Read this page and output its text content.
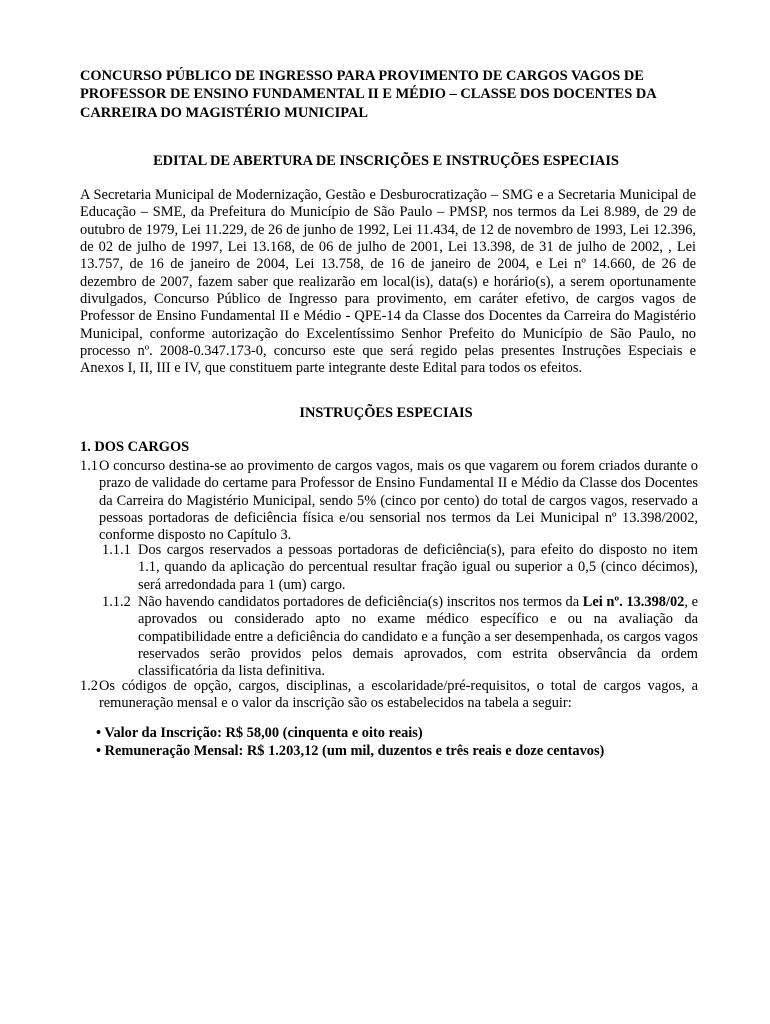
CONCURSO PÚBLICO DE INGRESSO PARA PROVIMENTO DE CARGOS VAGOS DE PROFESSOR DE ENSINO FUNDAMENTAL II E MÉDIO – CLASSE DOS DOCENTES DA CARREIRA DO MAGISTÉRIO MUNICIPAL
EDITAL DE ABERTURA DE INSCRIÇÕES E INSTRUÇÕES ESPECIAIS
A Secretaria Municipal de Modernização, Gestão e Desburocratização – SMG e a Secretaria Municipal de Educação – SME, da Prefeitura do Município de São Paulo – PMSP, nos termos da Lei 8.989, de 29 de outubro de 1979, Lei 11.229, de 26 de junho de 1992, Lei 11.434, de 12 de novembro de 1993, Lei 12.396, de 02 de julho de 1997, Lei 13.168, de 06 de julho de 2001, Lei 13.398, de 31 de julho de 2002, , Lei 13.757, de 16 de janeiro de 2004, Lei 13.758, de 16 de janeiro de 2004, e Lei nº 14.660, de 26 de dezembro de 2007, fazem saber que realizarão em local(is), data(s) e horário(s), a serem oportunamente divulgados, Concurso Público de Ingresso para provimento, em caráter efetivo, de cargos vagos de Professor de Ensino Fundamental II e Médio - QPE-14 da Classe dos Docentes da Carreira do Magistério Municipal, conforme autorização do Excelentíssimo Senhor Prefeito do Município de São Paulo, no processo nº. 2008-0.347.173-0, concurso este que será regido pelas presentes Instruções Especiais e Anexos I, II, III e IV, que constituem parte integrante deste Edital para todos os efeitos.
INSTRUÇÕES ESPECIAIS
1. DOS CARGOS
1.1 O concurso destina-se ao provimento de cargos vagos, mais os que vagarem ou forem criados durante o prazo de validade do certame para Professor de Ensino Fundamental II e Médio da Classe dos Docentes da Carreira do Magistério Municipal, sendo 5% (cinco por cento) do total de cargos vagos, reservado a pessoas portadoras de deficiência física e/ou sensorial nos termos da Lei Municipal nº 13.398/2002, conforme disposto no Capítulo 3.
1.1.1 Dos cargos reservados a pessoas portadoras de deficiência(s), para efeito do disposto no item 1.1, quando da aplicação do percentual resultar fração igual ou superior a 0,5 (cinco décimos), será arredondada para 1 (um) cargo.
1.1.2 Não havendo candidatos portadores de deficiência(s) inscritos nos termos da Lei nº. 13.398/02, e aprovados ou considerado apto no exame médico específico e ou na avaliação da compatibilidade entre a deficiência do candidato e a função a ser desempenhada, os cargos vagos reservados serão providos pelos demais aprovados, com estrita observância da ordem classificatória da lista definitiva.
1.2 Os códigos de opção, cargos, disciplinas, a escolaridade/pré-requisitos, o total de cargos vagos, a remuneração mensal e o valor da inscrição são os estabelecidos na tabela a seguir:
• Valor da Inscrição: R$ 58,00 (cinquenta e oito reais)
• Remuneração Mensal: R$ 1.203,12 (um mil, duzentos e três reais e doze centavos)
